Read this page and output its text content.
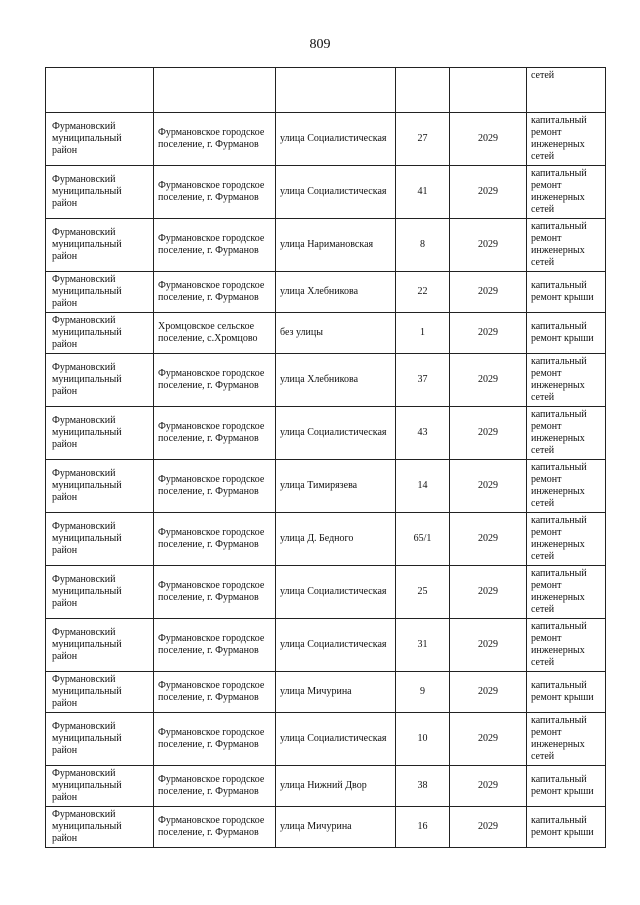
809
					сетей
Фурмановский муниципальный район	Фурмановское городское поселение, г. Фурманов	улица Социалистическая	27	2029	капитальный ремонт инженерных сетей
Фурмановский муниципальный район	Фурмановское городское поселение, г. Фурманов	улица Социалистическая	41	2029	капитальный ремонт инженерных сетей
Фурмановский муниципальный район	Фурмановское городское поселение, г. Фурманов	улица Наримановская	8	2029	капитальный ремонт инженерных сетей
Фурмановский муниципальный район	Фурмановское городское поселение, г. Фурманов	улица Хлебникова	22	2029	капитальный ремонт крыши
Фурмановский муниципальный район	Хромцовское сельское поселение, с.Хромцово	без улицы	1	2029	капитальный ремонт крыши
Фурмановский муниципальный район	Фурмановское городское поселение, г. Фурманов	улица Хлебникова	37	2029	капитальный ремонт инженерных сетей
Фурмановский муниципальный район	Фурмановское городское поселение, г. Фурманов	улица Социалистическая	43	2029	капитальный ремонт инженерных сетей
Фурмановский муниципальный район	Фурмановское городское поселение, г. Фурманов	улица Тимирязева	14	2029	капитальный ремонт инженерных сетей
Фурмановский муниципальный район	Фурмановское городское поселение, г. Фурманов	улица Д. Бедного	65/1	2029	капитальный ремонт инженерных сетей
Фурмановский муниципальный район	Фурмановское городское поселение, г. Фурманов	улица Социалистическая	25	2029	капитальный ремонт инженерных сетей
Фурмановский муниципальный район	Фурмановское городское поселение, г. Фурманов	улица Социалистическая	31	2029	капитальный ремонт инженерных сетей
Фурмановский муниципальный район	Фурмановское городское поселение, г. Фурманов	улица Мичурина	9	2029	капитальный ремонт крыши
Фурмановский муниципальный район	Фурмановское городское поселение, г. Фурманов	улица Социалистическая	10	2029	капитальный ремонт инженерных сетей
Фурмановский муниципальный район	Фурмановское городское поселение, г. Фурманов	улица Нижний Двор	38	2029	капитальный ремонт крыши
Фурмановский муниципальный район	Фурмановское городское поселение, г. Фурманов	улица Мичурина	16	2029	капитальный ремонт крыши
